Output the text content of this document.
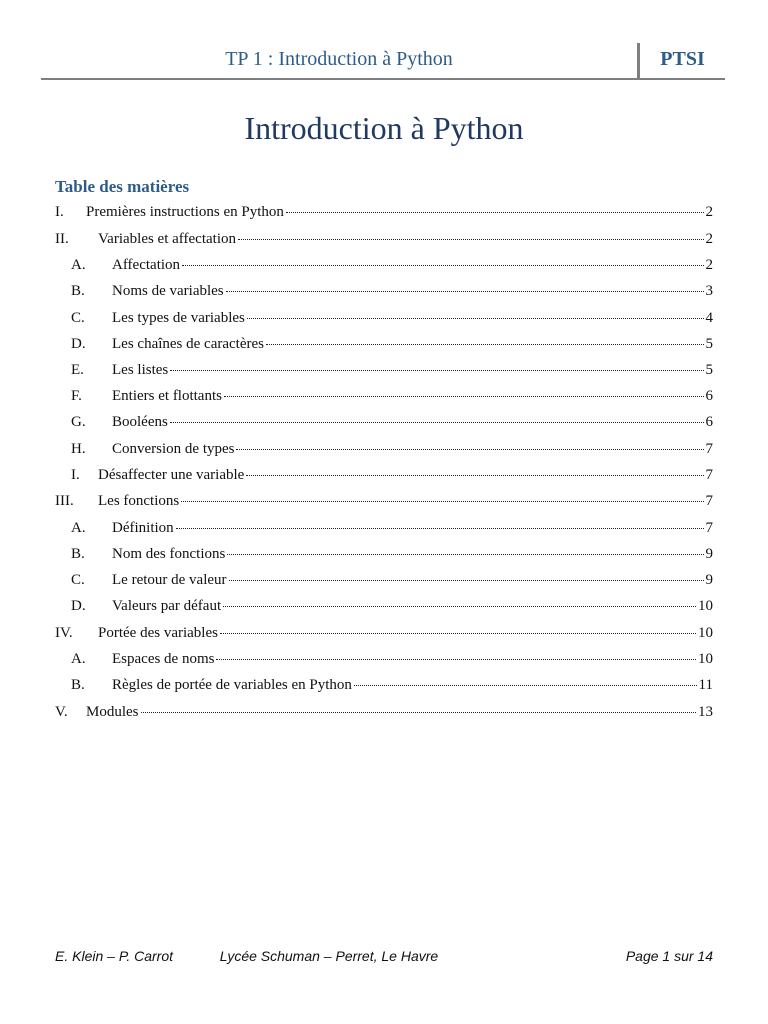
TP 1 : Introduction à Python	PTSI
Introduction à Python
Table des matières
I. Premières instructions en Python	2
II. Variables et affectation	2
A. Affectation	2
B. Noms de variables	3
C. Les types de variables	4
D. Les chaînes de caractères	5
E. Les listes	5
F. Entiers et flottants	6
G. Booléens	6
H. Conversion de types	7
I. Désaffecter une variable	7
III. Les fonctions	7
A. Définition	7
B. Nom des fonctions	9
C. Le retour de valeur	9
D. Valeurs par défaut	10
IV. Portée des variables	10
A. Espaces de noms	10
B. Règles de portée de variables en Python	11
V. Modules	13
E. Klein – P. Carrot	Lycée Schuman – Perret, Le Havre	Page 1 sur 14
